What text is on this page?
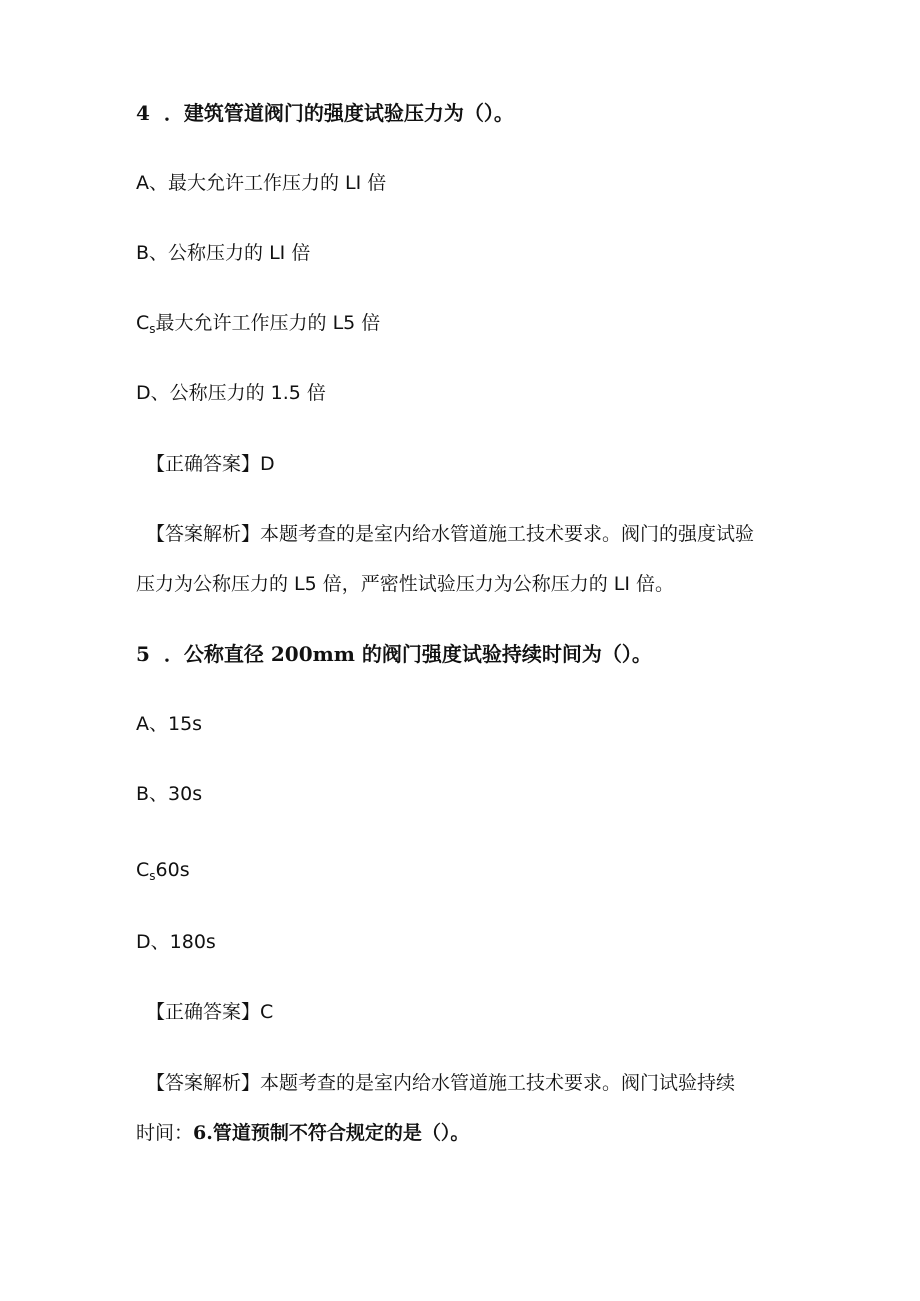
4 ．建筑管道阀门的强度试验压力为（）。
A、最大允许工作压力的 LI 倍
B、公称压力的 LI 倍
$C_s$最大允许工作压力的 L5 倍
D、公称压力的 1.5 倍
【正确答案】D
【答案解析】本题考查的是室内给水管道施工技术要求。阀门的强度试验
压力为公称压力的 L5 倍，严密性试验压力为公称压力的 LI 倍。
5 ．公称直径 200mm 的阀门强度试验持续时间为（）。
A、15s
B、30s
$C_s60s$
D、180s
【正确答案】C
【答案解析】本题考查的是室内给水管道施工技术要求。阀门试验持续
时间：6.管道预制不符合规定的是（）。
